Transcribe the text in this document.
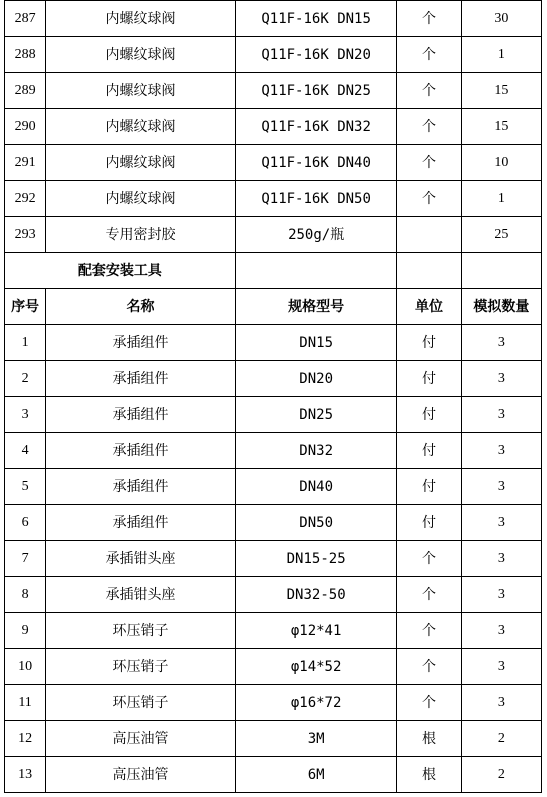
287	内螺纹球阀	Q11F-16K DN15	个	30
288	内螺纹球阀	Q11F-16K DN20	个	1
289	内螺纹球阀	Q11F-16K DN25	个	15
290	内螺纹球阀	Q11F-16K DN32	个	15
291	内螺纹球阀	Q11F-16K DN40	个	10
292	内螺纹球阀	Q11F-16K DN50	个	1
293	专用密封胶	250g/瓶		25
配套安装工具				
序号	名称	规格型号	单位	模拟数量
1	承插组件	DN15	付	3
2	承插组件	DN20	付	3
3	承插组件	DN25	付	3
4	承插组件	DN32	付	3
5	承插组件	DN40	付	3
6	承插组件	DN50	付	3
7	承插钳头座	DN15-25	个	3
8	承插钳头座	DN32-50	个	3
9	环压销子	φ12*41	个	3
10	环压销子	φ14*52	个	3
11	环压销子	φ16*72	个	3
12	高压油管	3M	根	2
13	高压油管	6M	根	2
